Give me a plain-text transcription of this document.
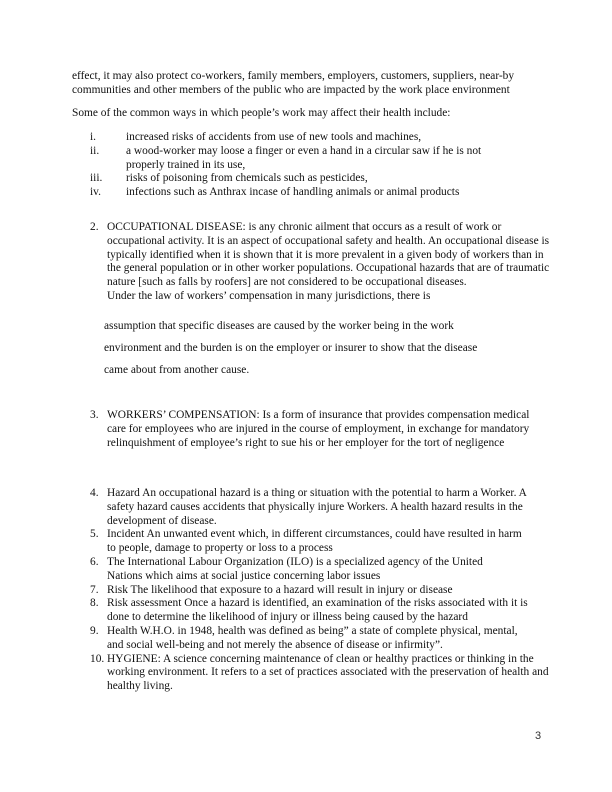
effect, it may also protect co-workers, family members, employers, customers, suppliers, near-by
communities and other members of the public who are impacted by the work place environment
Some of the common ways in which people’s work may affect their health include:
i.	increased risks of accidents from use of new tools and machines,
ii. a wood-worker may loose a finger or even a hand in a circular saw if he is not properly trained in its use,
iii. risks of poisoning from chemicals such as pesticides,
iv. infections such as Anthrax incase of handling animals or animal products
2. OCCUPATIONAL DISEASE: is any chronic ailment that occurs as a result of work or occupational activity. It is an aspect of occupational safety and health. An occupational disease is typically identified when it is shown that it is more prevalent in a given body of workers than in the general population or in other worker populations. Occupational hazards that are of traumatic nature [such as falls by roofers] are not considered to be occupational diseases.
Under the law of workers’ compensation in many jurisdictions, there is
assumption that specific diseases are caused by the worker being in the work
environment and the burden is on the employer or insurer to show that the disease
came about from another cause.
3. WORKERS’ COMPENSATION: Is a form of insurance that provides compensation medical care for employees who are injured in the course of employment, in exchange for mandatory relinquishment of employee’s right to sue his or her employer for the tort of negligence
4. Hazard An occupational hazard is a thing or situation with the potential to harm a Worker. A safety hazard causes accidents that physically injure Workers. A health hazard results in the development of disease.
5. Incident An unwanted event which, in different circumstances, could have resulted in harm to people, damage to property or loss to a process
6. The International Labour Organization (ILO) is a specialized agency of the United Nations which aims at social justice concerning labor issues
7. Risk The likelihood that exposure to a hazard will result in injury or disease
8. Risk assessment Once a hazard is identified, an examination of the risks associated with it is done to determine the likelihood of injury or illness being caused by the hazard
9. Health W.H.O. in 1948, health was defined as being” a state of complete physical, mental, and social well-being and not merely the absence of disease or infirmity”.
10. HYGIENE: A science concerning maintenance of clean or healthy practices or thinking in the working environment. It refers to a set of practices associated with the preservation of health and healthy living.
3
